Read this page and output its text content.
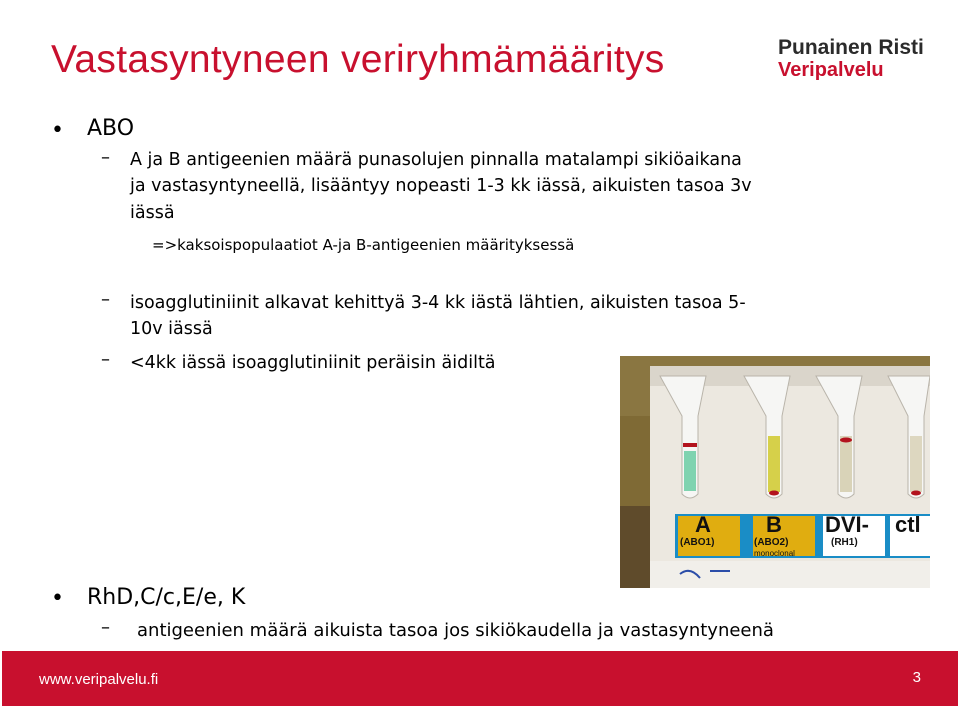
Vastasyntyneen veriryhmämääritys	Punainen Risti
Veripalvelu
• ABO
– A ja B antigeenien määrä punasolujen pinnalla matalampi sikiöaikana
ja vastasyntyneellä, lisääntyy nopeasti 1-3 kk iässä, aikuisten tasoa 3v
iässä
=>kaksoispopulaatiot A-ja B-antigeenien määrityksessä
– isoagglutiniinit alkavat kehittyä 3-4 kk iästä lähtien, aikuisten tasoa 5-
10v iässä
– <4kk iässä isoagglutiniinit peräisin äidiltä
A
(ABO1)
B
(ABO2)
monoclonal
DVI-
(RH1)
ctl
• RhD,C/c,E/e, K
– antigeenien määrä aikuista tasoa jos sikiökaudella ja vastasyntyneenä
www.veripalvelu.fi	3
